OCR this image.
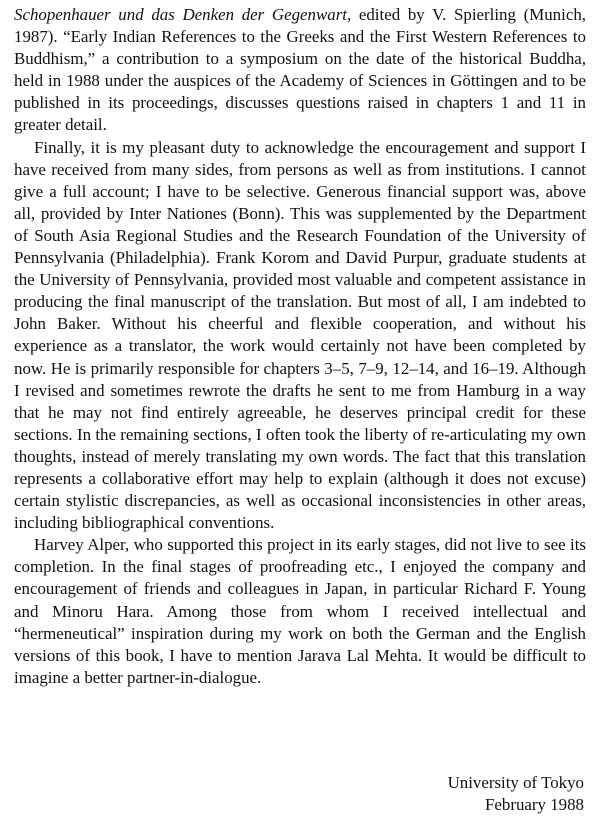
Schopenhauer und das Denken der Gegenwart, edited by V. Spierling (Munich, 1987). “Early Indian References to the Greeks and the First Western References to Buddhism,” a contribution to a symposium on the date of the historical Buddha, held in 1988 under the auspices of the Academy of Sciences in Göttingen and to be published in its proceedings, discusses questions raised in chapters 1 and 11 in greater detail.

Finally, it is my pleasant duty to acknowledge the encouragement and support I have received from many sides, from persons as well as from institutions. I cannot give a full account; I have to be selective. Generous financial support was, above all, provided by Inter Nationes (Bonn). This was supplemented by the Department of South Asia Regional Studies and the Research Foundation of the University of Pennsylvania (Philadelphia). Frank Korom and David Purpur, graduate students at the University of Pennsylvania, provided most valuable and competent assistance in producing the final manuscript of the translation. But most of all, I am indebted to John Baker. Without his cheerful and flexible cooperation, and without his experience as a translator, the work would certainly not have been completed by now. He is primarily responsible for chapters 3–5, 7–9, 12–14, and 16–19. Although I revised and sometimes rewrote the drafts he sent to me from Hamburg in a way that he may not find entirely agreeable, he deserves principal credit for these sections. In the remaining sections, I often took the liberty of re-articulating my own thoughts, instead of merely translating my own words. The fact that this translation represents a collaborative effort may help to explain (although it does not excuse) certain stylistic discrepancies, as well as occasional inconsistencies in other areas, including bibliographical conventions.

Harvey Alper, who supported this project in its early stages, did not live to see its completion. In the final stages of proofreading etc., I enjoyed the company and encouragement of friends and colleagues in Japan, in particular Richard F. Young and Minoru Hara. Among those from whom I received intellectual and “hermeneutical” inspiration during my work on both the German and the English versions of this book, I have to mention Jarava Lal Mehta. It would be difficult to imagine a better partner-in-dialogue.

University of Tokyo
February 1988
